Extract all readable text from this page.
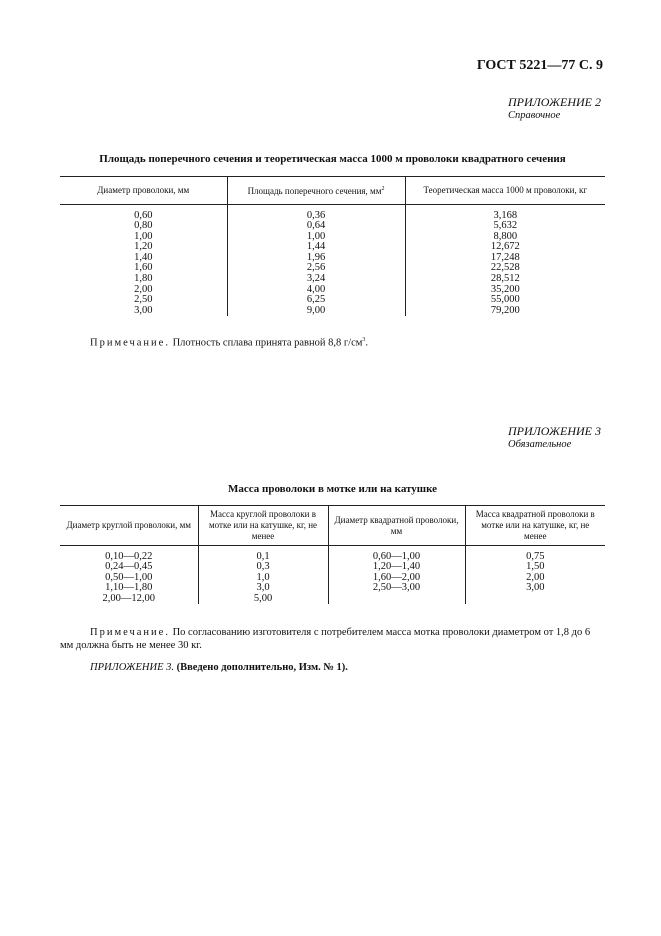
ГОСТ 5221—77 С. 9
ПРИЛОЖЕНИЕ 2
Справочное
Площадь поперечного сечения и теоретическая масса 1000 м проволоки квадратного сечения
Диаметр проволоки, мм	Площадь поперечного сечения, $мм^2$	Теоретическая масса 1000 м проволоки, кг

0,60	0,36	3,168
0,80	0,64	5,632
1,00	1,00	8,800
1,20	1,44	12,672
1,40	1,96	17,248
1,60	2,56	22,528
1,80	3,24	28,512
2,00	4,00	35,200
2,50	6,25	55,000
3,00	9,00	79,200
Примечание. Плотность сплава принята равной 8,8 $г/см^3$.
ПРИЛОЖЕНИЕ 3
Обязательное
Масса проволоки в мотке или на катушке
Диаметр круглой проволоки, мм	Масса круглой проволоки в мотке или на катушке, кг, не менее	Диаметр квадратной проволоки, мм	Масса квадратной проволоки в мотке или на катушке, кг, не менее

0,10—0,22	0,1	0,60—1,00	0,75
0,24—0,45	0,3	1,20—1,40	1,50
0,50—1,00	1,0	1,60—2,00	2,00
1,10—1,80	3,0	2,50—3,00	3,00
2,00—12,00	5,00		
Примечание. По согласованию изготовителя с потребителем масса мотка проволоки диаметром от 1,8 до 6 мм должна быть не менее 30 кг.
ПРИЛОЖЕНИЕ 3. (Введено дополнительно, Изм. № 1).
